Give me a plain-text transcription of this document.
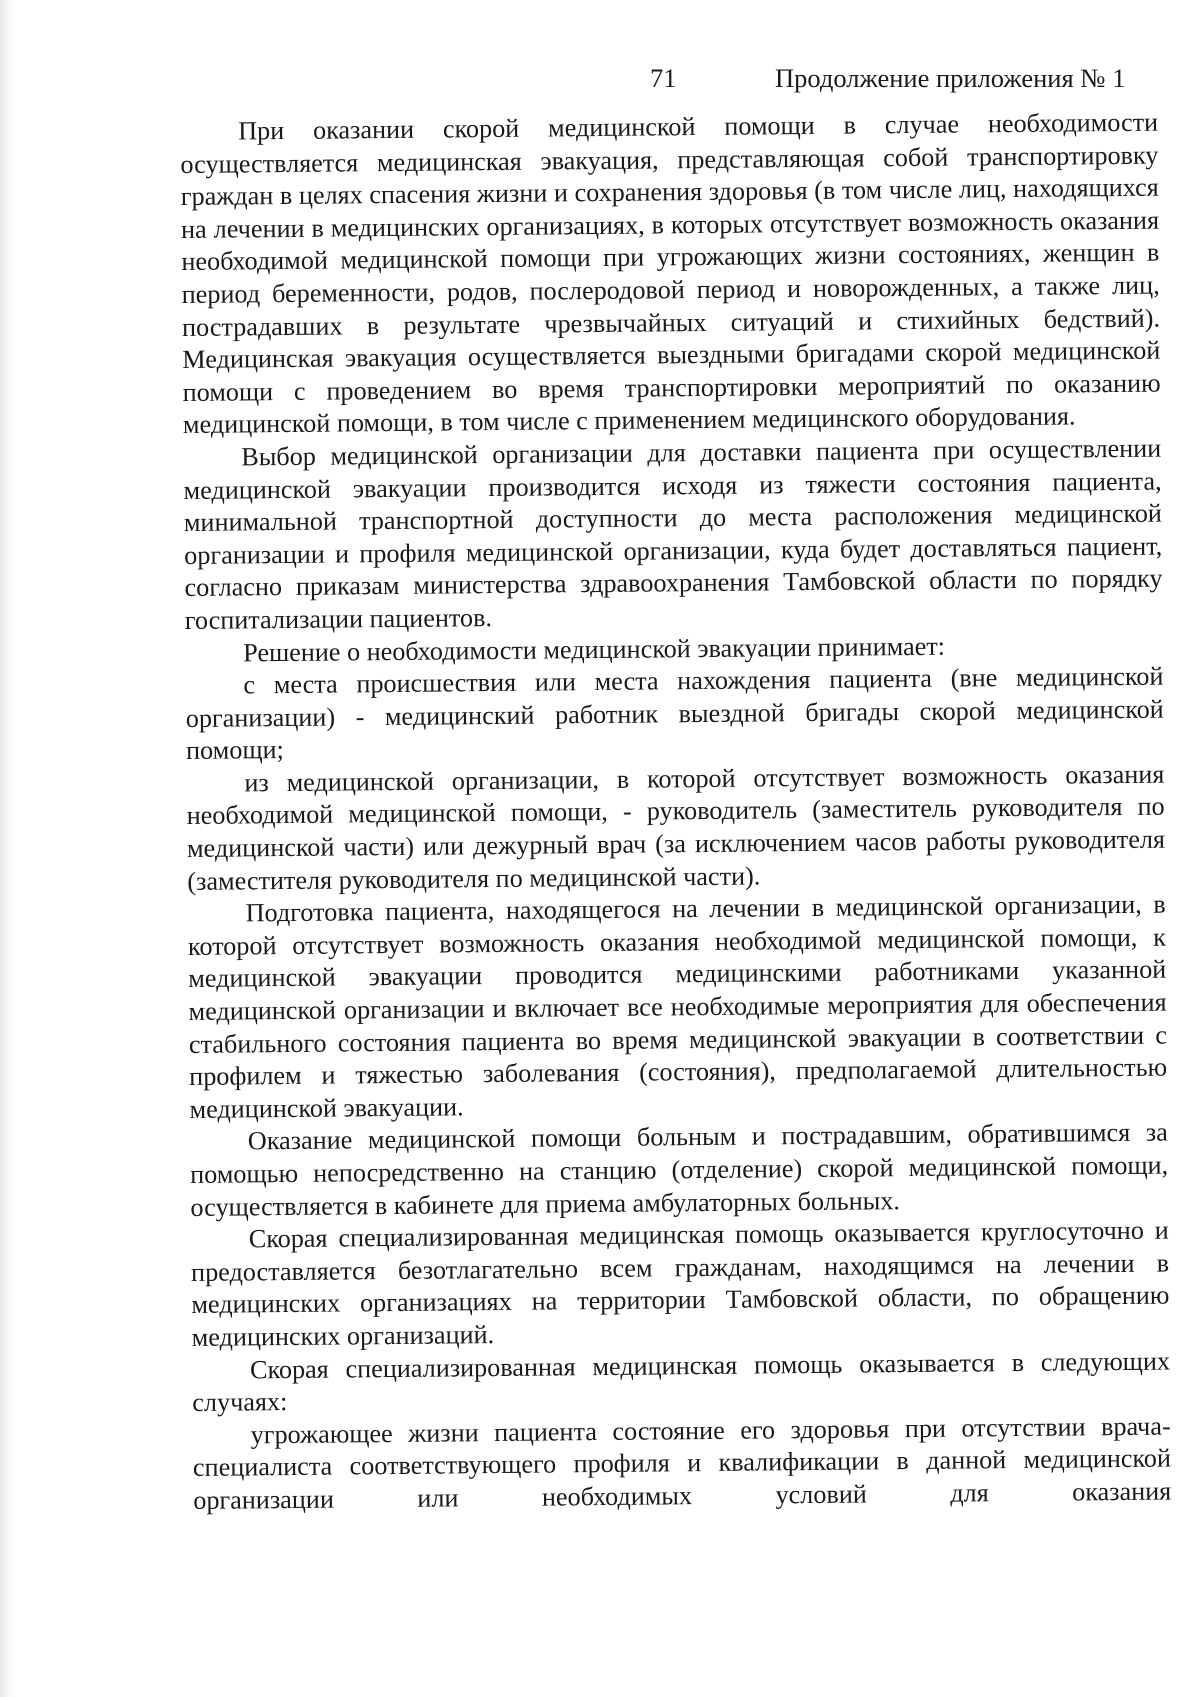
71	Продолжение приложения № 1

При оказании скорой медицинской помощи в случае необходимости осуществляется медицинская эвакуация, представляющая собой транспортировку граждан в целях спасения жизни и сохранения здоровья (в том числе лиц, находящихся на лечении в медицинских организациях, в которых отсутствует возможность оказания необходимой медицинской помощи при угрожающих жизни состояниях, женщин в период беременности, родов, послеродовой период и новорожденных, а также лиц, пострадавших в результате чрезвычайных ситуаций и стихийных бедствий). Медицинская эвакуация осуществляется выездными бригадами скорой медицинской помощи с проведением во время транспортировки мероприятий по оказанию медицинской помощи, в том числе с применением медицинского оборудования.

Выбор медицинской организации для доставки пациента при осуществлении медицинской эвакуации производится исходя из тяжести состояния пациента, минимальной транспортной доступности до места расположения медицинской организации и профиля медицинской организации, куда будет доставляться пациент, согласно приказам министерства здравоохранения Тамбовской области по порядку госпитализации пациентов.

Решение о необходимости медицинской эвакуации принимает:

с места происшествия или места нахождения пациента (вне медицинской организации) - медицинский работник выездной бригады скорой медицинской помощи;

из медицинской организации, в которой отсутствует возможность оказания необходимой медицинской помощи, - руководитель (заместитель руководителя по медицинской части) или дежурный врач (за исключением часов работы руководителя (заместителя руководителя по медицинской части).

Подготовка пациента, находящегося на лечении в медицинской организации, в которой отсутствует возможность оказания необходимой медицинской помощи, к медицинской эвакуации проводится медицинскими работниками указанной медицинской организации и включает все необходимые мероприятия для обеспечения стабильного состояния пациента во время медицинской эвакуации в соответствии с профилем и тяжестью заболевания (состояния), предполагаемой длительностью медицинской эвакуации.

Оказание медицинской помощи больным и пострадавшим, обратившимся за помощью непосредственно на станцию (отделение) скорой медицинской помощи, осуществляется в кабинете для приема амбулаторных больных.

Скорая специализированная медицинская помощь оказывается круглосуточно и предоставляется безотлагательно всем гражданам, находящимся на лечении в медицинских организациях на территории Тамбовской области, по обращению медицинских организаций.

Скорая специализированная медицинская помощь оказывается в следующих случаях:

угрожающее жизни пациента состояние его здоровья при отсутствии врача-специалиста соответствующего профиля и квалификации в данной медицинской организации или необходимых условий для оказания
